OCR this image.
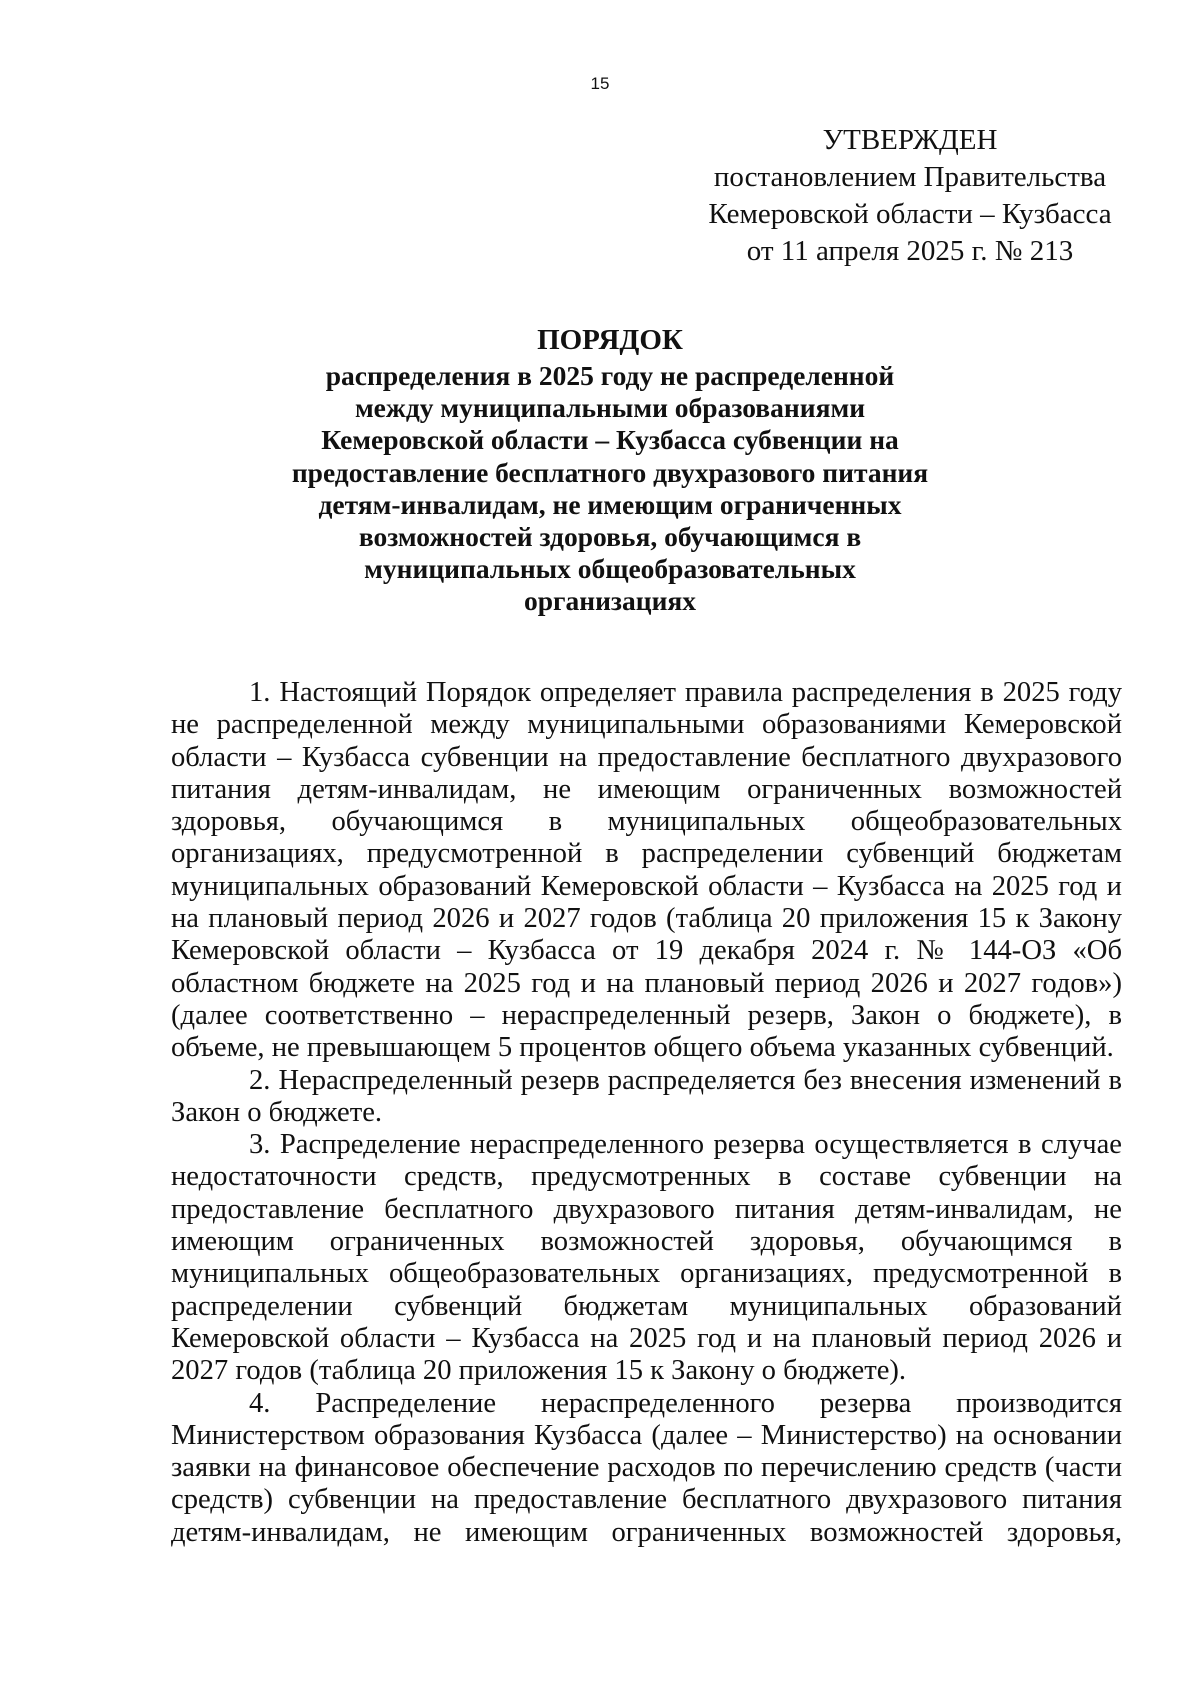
15
УТВЕРЖДЕН
постановлением Правительства
Кемеровской области – Кузбасса
от 11 апреля 2025 г. № 213
ПОРЯДОК
распределения в 2025 году не распределенной
между муниципальными образованиями
Кемеровской области – Кузбасса субвенции на
предоставление бесплатного двухразового питания
детям-инвалидам, не имеющим ограниченных
возможностей здоровья, обучающимся в
муниципальных общеобразовательных
организациях
1. Настоящий Порядок определяет правила распределения в 2025 году
не распределенной между муниципальными образованиями Кемеровской
области – Кузбасса субвенции на предоставление бесплатного двухразового
питания детям-инвалидам, не имеющим ограниченных возможностей
здоровья, обучающимся в муниципальных общеобразовательных
организациях, предусмотренной в распределении субвенций бюджетам
муниципальных образований Кемеровской области – Кузбасса на 2025 год и
на плановый период 2026 и 2027 годов (таблица 20 приложения 15 к Закону
Кемеровской области – Кузбасса от 19 декабря 2024 г. № 144-ОЗ «Об
областном бюджете на 2025 год и на плановый период 2026 и 2027 годов»)
(далее соответственно – нераспределенный резерв, Закон о бюджете), в
объеме, не превышающем 5 процентов общего объема указанных субвенций.
2. Нераспределенный резерв распределяется без внесения изменений в
Закон о бюджете.
3. Распределение нераспределенного резерва осуществляется в случае
недостаточности средств, предусмотренных в составе субвенции на
предоставление бесплатного двухразового питания детям-инвалидам, не
имеющим ограниченных возможностей здоровья, обучающимся в
муниципальных общеобразовательных организациях, предусмотренной в
распределении субвенций бюджетам муниципальных образований
Кемеровской области – Кузбасса на 2025 год и на плановый период 2026 и
2027 годов (таблица 20 приложения 15 к Закону о бюджете).
4. Распределение нераспределенного резерва производится
Министерством образования Кузбасса (далее – Министерство) на основании
заявки на финансовое обеспечение расходов по перечислению средств (части
средств) субвенции на предоставление бесплатного двухразового питания
детям-инвалидам, не имеющим ограниченных возможностей здоровья,
